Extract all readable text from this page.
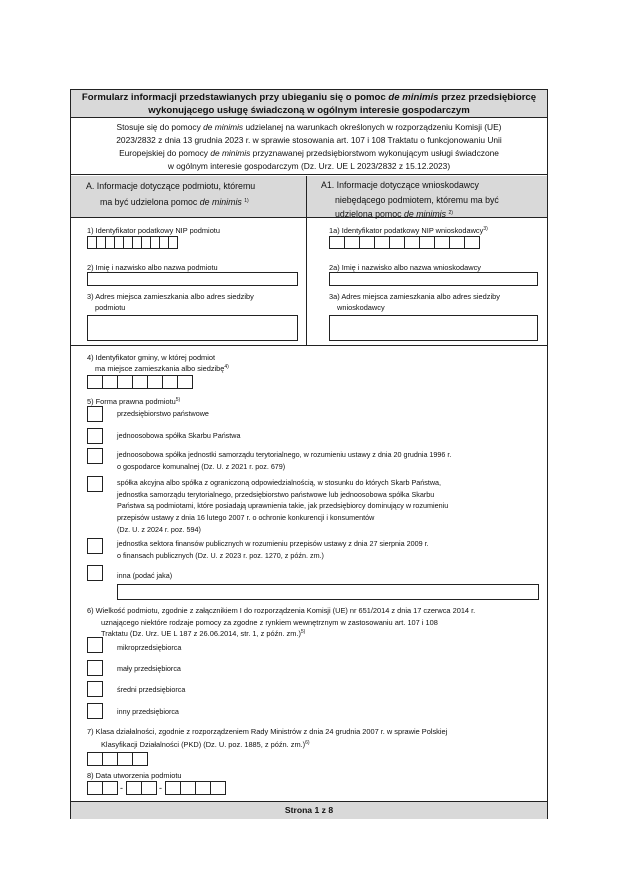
Formularz informacji przedstawianych przy ubieganiu się o pomoc de minimis przez przedsiębiorcę
wykonującego usługę świadczoną w ogólnym interesie gospodarczym
Stosuje się do pomocy de minimis udzielanej na warunkach określonych w rozporządzeniu Komisji (UE)
2023/2832 z dnia 13 grudnia 2023 r. w sprawie stosowania art. 107 i 108 Traktatu o funkcjonowaniu Unii
Europejskiej do pomocy de minimis przyznawanej przedsiębiorstwom wykonującym usługi świadczone
w ogólnym interesie gospodarczym (Dz. Urz. UE L 2023/2832 z 15.12.2023)
A. Informacje dotyczące podmiotu, któremu
ma być udzielona pomoc de minimis $^{1)}$
A1. Informacje dotyczące wnioskodawcy
niebędącego podmiotem, któremu ma być
udzielona pomoc de minimis $^{2)}$
1) Identyfikator podatkowy NIP podmiotu	1a) Identyfikator podatkowy NIP wnioskodawcy$^{3)}$
2) Imię i nazwisko albo nazwa podmiotu	2a) Imię i nazwisko albo nazwa wnioskodawcy
3) Adres miejsca zamieszkania albo adres siedziby
podmiotu
3a) Adres miejsca zamieszkania albo adres siedziby
wnioskodawcy
4) Identyfikator gminy, w której podmiot
ma miejsce zamieszkania albo siedzibę$^{4)}$
5) Forma prawna podmiotu$^{5)}$
przedsiębiorstwo państwowe
jednoosobowa spółka Skarbu Państwa
jednoosobowa spółka jednostki samorządu terytorialnego, w rozumieniu ustawy z dnia 20 grudnia 1996 r.
o gospodarce komunalnej (Dz. U. z 2021 r. poz. 679)
spółka akcyjna albo spółka z ograniczoną odpowiedzialnością, w stosunku do których Skarb Państwa,
jednostka samorządu terytorialnego, przedsiębiorstwo państwowe lub jednoosobowa spółka Skarbu
Państwa są podmiotami, które posiadają uprawnienia takie, jak przedsiębiorcy dominujący w rozumieniu
przepisów ustawy z dnia 16 lutego 2007 r. o ochronie konkurencji i konsumentów
(Dz. U. z 2024 r. poz. 594)
jednostka sektora finansów publicznych w rozumieniu przepisów ustawy z dnia 27 sierpnia 2009 r.
o finansach publicznych (Dz. U. z 2023 r. poz. 1270, z późn. zm.)
inna (podać jaka)
6) Wielkość podmiotu, zgodnie z załącznikiem I do rozporządzenia Komisji (UE) nr 651/2014 z dnia 17 czerwca 2014 r.
uznającego niektóre rodzaje pomocy za zgodne z rynkiem wewnętrznym w zastosowaniu art. 107 i 108
Traktatu (Dz. Urz. UE L 187 z 26.06.2014, str. 1, z późn. zm.)$^{5)}$
mikroprzedsiębiorca
mały przedsiębiorca
średni przedsiębiorca
inny przedsiębiorca
7) Klasa działalności, zgodnie z rozporządzeniem Rady Ministrów z dnia 24 grudnia 2007 r. w sprawie Polskiej
Klasyfikacji Działalności (PKD) (Dz. U. poz. 1885, z późn. zm.)$^{6)}$
8) Data utworzenia podmiotu
-	-
Strona 1 z 8
